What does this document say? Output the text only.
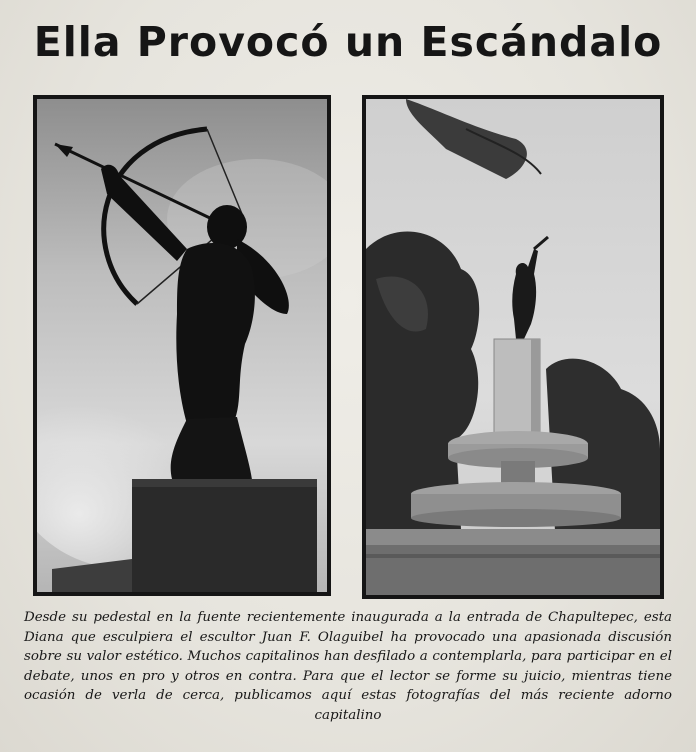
Ella Provocó un Escándalo
Desde su pedestal en la fuente recientemente inaugurada a la entrada de Chapultepec, esta Diana que esculpiera el escultor Juan F. Olaguibel ha provocado una apasionada discusión sobre su valor estético. Muchos capitalinos han desfilado a contemplarla, para participar en el debate, unos en pro y otros en contra. Para que el lector se forme su juicio, mientras tiene ocasión de verla de cerca, publicamos aquí estas fotografías del más reciente adorno capitalino
